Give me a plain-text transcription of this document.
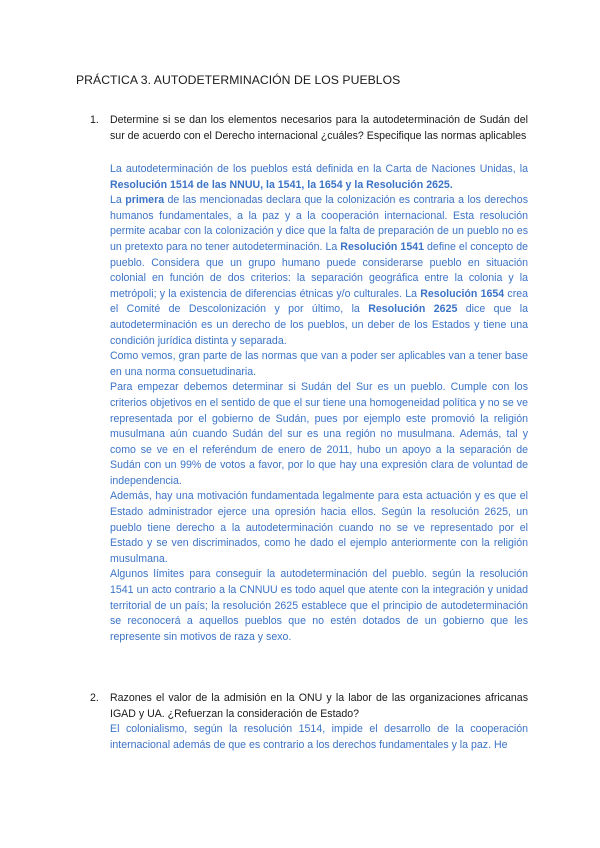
PRÁCTICA 3. AUTODETERMINACIÓN DE LOS PUEBLOS
1. Determine si se dan los elementos necesarios para la autodeterminación de Sudán del sur de acuerdo con el Derecho internacional ¿cuáles? Especifique las normas aplicables

La autodeterminación de los pueblos está definida en la Carta de Naciones Unidas, la Resolución 1514 de las NNUU, la 1541, la 1654 y la Resolución 2625.

La primera de las mencionadas declara que la colonización es contraria a los derechos humanos fundamentales, a la paz y a la cooperación internacional. Esta resolución permite acabar con la colonización y dice que la falta de preparación de un pueblo no es un pretexto para no tener autodeterminación. La Resolución 1541 define el concepto de pueblo. Considera que un grupo humano puede considerarse pueblo en situación colonial en función de dos criterios: la separación geográfica entre la colonia y la metrópoli; y la existencia de diferencias étnicas y/o culturales. La Resolución 1654 crea el Comité de Descolonización y por último, la Resolución 2625 dice que la autodeterminación es un derecho de los pueblos, un deber de los Estados y tiene una condición jurídica distinta y separada.

Como vemos, gran parte de las normas que van a poder ser aplicables van a tener base en una norma consuetudinaria.

Para empezar debemos determinar si Sudán del Sur es un pueblo. Cumple con los criterios objetivos en el sentido de que el sur tiene una homogeneidad política y no se ve representada por el gobierno de Sudán, pues por ejemplo este promovió la religión musulmana aún cuando Sudán del sur es una región no musulmana. Además, tal y como se ve en el referéndum de enero de 2011, hubo un apoyo a la separación de Sudán con un 99% de votos a favor, por lo que hay una expresión clara de voluntad de independencia.

Además, hay una motivación fundamentada legalmente para esta actuación y es que el Estado administrador ejerce una opresión hacia ellos. Según la resolución 2625, un pueblo tiene derecho a la autodeterminación cuando no se ve representado por el Estado y se ven discriminados, como he dado el ejemplo anteriormente con la religión musulmana.

Algunos límites para conseguir la autodeterminación del pueblo. según la resolución 1541 un acto contrario a la CNNUU es todo aquel que atente con la integración y unidad territorial de un país; la resolución 2625 establece que el principio de autodeterminación se reconocerá a aquellos pueblos que no estén dotados de un gobierno que les represente sin motivos de raza y sexo.

2. Razones el valor de la admisión en la ONU y la labor de las organizaciones africanas IGAD y UA. ¿Refuerzan la consideración de Estado?

El colonialismo, según la resolución 1514, impide el desarrollo de la cooperación internacional además de que es contrario a los derechos fundamentales y la paz. He
